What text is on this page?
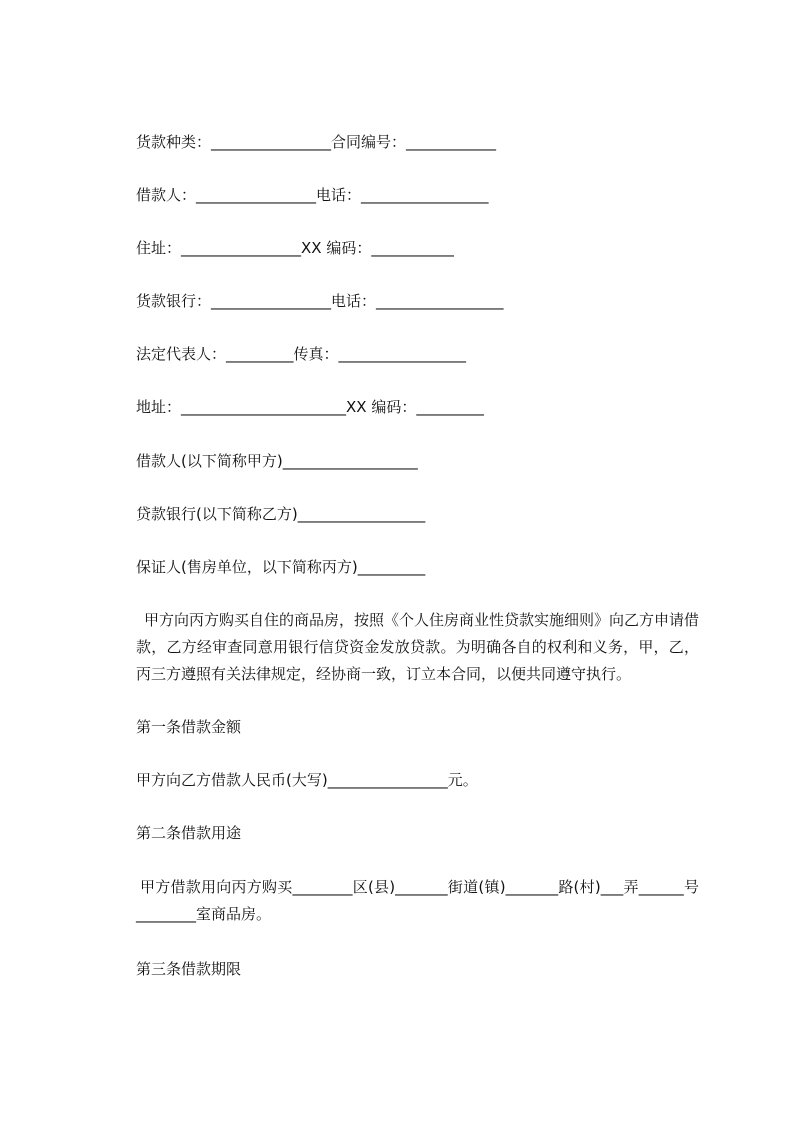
货款种类：________________合同编号：____________

借款人：________________电话：_________________

住址：________________XX 编码：___________

货款银行：________________电话：_________________

法定代表人：_________传真：_________________

地址：______________________XX 编码：_________

借款人(以下简称甲方)__________________

贷款银行(以下简称乙方)_________________

保证人(售房单位，以下简称丙方)_________

甲方向丙方购买自住的商品房，按照《个人住房商业性贷款实施细则》向乙方申请借款，乙方经审查同意用银行信贷资金发放贷款。为明确各自的权利和义务，甲，乙，丙三方遵照有关法律规定，经协商一致，订立本合同，以便共同遵守执行。

第一条借款金额

甲方向乙方借款人民币(大写)________________元。

第二条借款用途

甲方借款用向丙方购买________区(县)_______街道(镇)_______路(村)___弄______号________室商品房。

第三条借款期限
